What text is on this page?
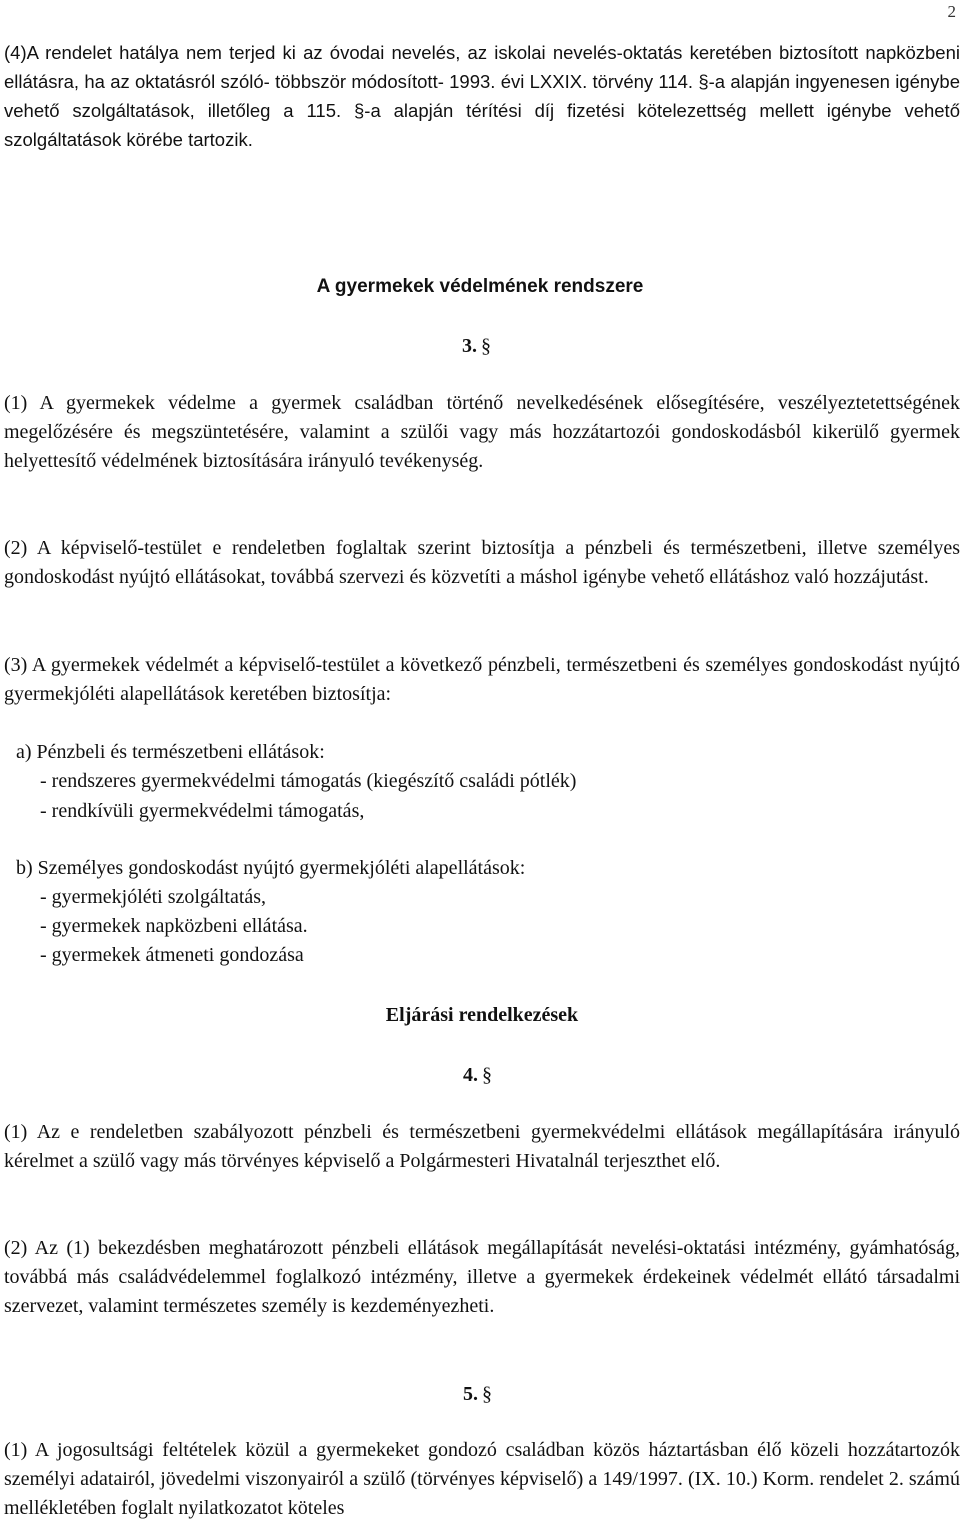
2

(4)A rendelet hatálya nem terjed ki az óvodai nevelés, az iskolai nevelés-oktatás keretében biztosított napközbeni ellátásra, ha az oktatásról szóló- többször módosított- 1993. évi LXXIX. törvény 114. §-a alapján ingyenesen igénybe vehető szolgáltatások, illetőleg a 115. §-a alapján térítési díj fizetési kötelezettség mellett igénybe vehető szolgáltatások körébe tartozik.

A gyermekek védelmének rendszere
3. §

(1) A gyermekek védelme a gyermek családban történő nevelkedésének elősegítésére, veszélyeztetettségének megelőzésére és megszüntetésére, valamint a szülői vagy más hozzátartozói gondoskodásból kikerülő gyermek helyettesítő védelmének biztosítására irányuló tevékenység.

(2) A képviselő-testület e rendeletben foglaltak szerint biztosítja a pénzbeli és természetbeni, illetve személyes gondoskodást nyújtó ellátásokat, továbbá szervezi és közvetíti a máshol igénybe vehető ellátáshoz való hozzájutást.

(3) A gyermekek védelmét a képviselő-testület a következő pénzbeli, természetbeni és személyes gondoskodást nyújtó gyermekjóléti alapellátások keretében biztosítja:

a) Pénzbeli és természetbeni ellátások:
- rendszeres gyermekvédelmi támogatás (kiegészítő családi pótlék)
- rendkívüli gyermekvédelmi támogatás,
b) Személyes gondoskodást nyújtó gyermekjóléti alapellátások:
- gyermekjóléti szolgáltatás,
- gyermekek napközbeni ellátása.
- gyermekek átmeneti gondozása
Eljárási rendelkezések
4. §

(1) Az e rendeletben szabályozott pénzbeli és természetbeni gyermekvédelmi ellátások megállapítására irányuló kérelmet a szülő vagy más törvényes képviselő a Polgármesteri Hivatalnál terjeszthet elő.

(2) Az (1) bekezdésben meghatározott pénzbeli ellátások megállapítását nevelési-oktatási intézmény, gyámhatóság, továbbá más családvédelemmel foglalkozó intézmény, illetve a gyermekek érdekeinek védelmét ellátó társadalmi szervezet, valamint természetes személy is kezdeményezheti.

5. §

(1) A jogosultsági feltételek közül a gyermekeket gondozó családban közös háztartásban élő közeli hozzátartozók személyi adatairól, jövedelmi viszonyairól a szülő (törvényes képviselő) a 149/1997. (IX. 10.) Korm. rendelet 2. számú mellékletében foglalt nyilatkozatot köteles
